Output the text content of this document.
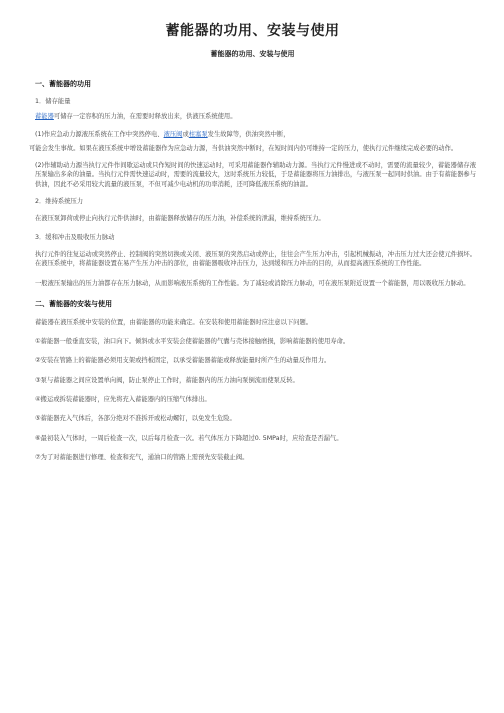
蓄能器的功用、安装与使用
蓄能器的功用、安装与使用
一、蓄能器的功用

1．储存能量

蓄能器可储存一定容积的压力油，在需要时释放出来，供液压系统使用。

(1)作应急动力源液压系统在工作中突然停电、液压阀或柱塞泵发生故障等，供油突然中断，

可能会发生事故。如果在液压系统中增设蓄能器作为应急动力源，当供油突然中断时，在短时间内仍可维持一定的压力，使执行元件继续完成必要的动作。

(2)作辅助动力源当执行元件作间歇运动或只作短时间的快速运动时，可采用蓄能器作辅助动力源。当执行元件慢进或不动时，需要的流量较少，蓄能器储存液压泵输出多余的油量。当执行元件需快速运动时，需要的流量较大，这时系统压力较低，于是蓄能器将压力油排出，与液压泵一起同时供油。由于有蓄能器参与供油，因此不必采用较大流量的液压泵，不但可减少电动机的功率消耗，还可降低液压系统的油温。

2．维持系统压力

在液压泵卸荷或停止向执行元件供油时，由蓄能器释放储存的压力油，补偿系统的泄漏，维持系统压力。

3．缓和冲击及吸收压力脉动

执行元件的往复运动或突然停止、控制阀的突然切换或关闭、液压泵的突然启动或停止，往往会产生压力冲击，引起机械振动，冲击压力过大还会使元件损坏。在液压系统中，将蓄能器设置在易产生压力冲击的部位，由蓄能器吸收冲击压力，达到缓和压力冲击的目的，从而提高液压系统的工作性能。

一般液压泵输出的压力油都存在压力脉动，从而影响液压系统的工作性能。为了减轻或消除压力脉动，可在液压泵附近设置一个蓄能器，用以吸收压力脉动。

二、蓄能器的安装与使用

蓄能器在液压系统中安装的位置，由蓄能器的功能来确定。在安装和使用蓄能器时应注意以下问题。

①蓄能器一般垂直安装，油口向下。倾斜或水平安装会使蓄能器的气囊与壳体接触磨损，影响蓄能器的使用寿命。

②安装在管路上的蓄能器必须用支架或挡板固定，以承受蓄能器蓄能或释放能量时所产生的动量反作用力。

③泵与蓄能器之间应设置单向阀，防止泵停止工作时，蓄能器内的压力油向泵倒流而使泵反转。

④搬运或拆装蓄能器时，应先将充入蓄能器内的压缩气体排出。

⑤蓄能器充入气体后，各部分绝对不准拆开或松动螺钉，以免发生危险。

⑥最初装入气体时，一周后检查一次，以后每月检查一次。若气体压力下降超过0. 5MPa时，应给查是否漏气。

⑦为了对蓄能器进行修理、检查和充气，通油口的管路上需预先安装截止阀。
